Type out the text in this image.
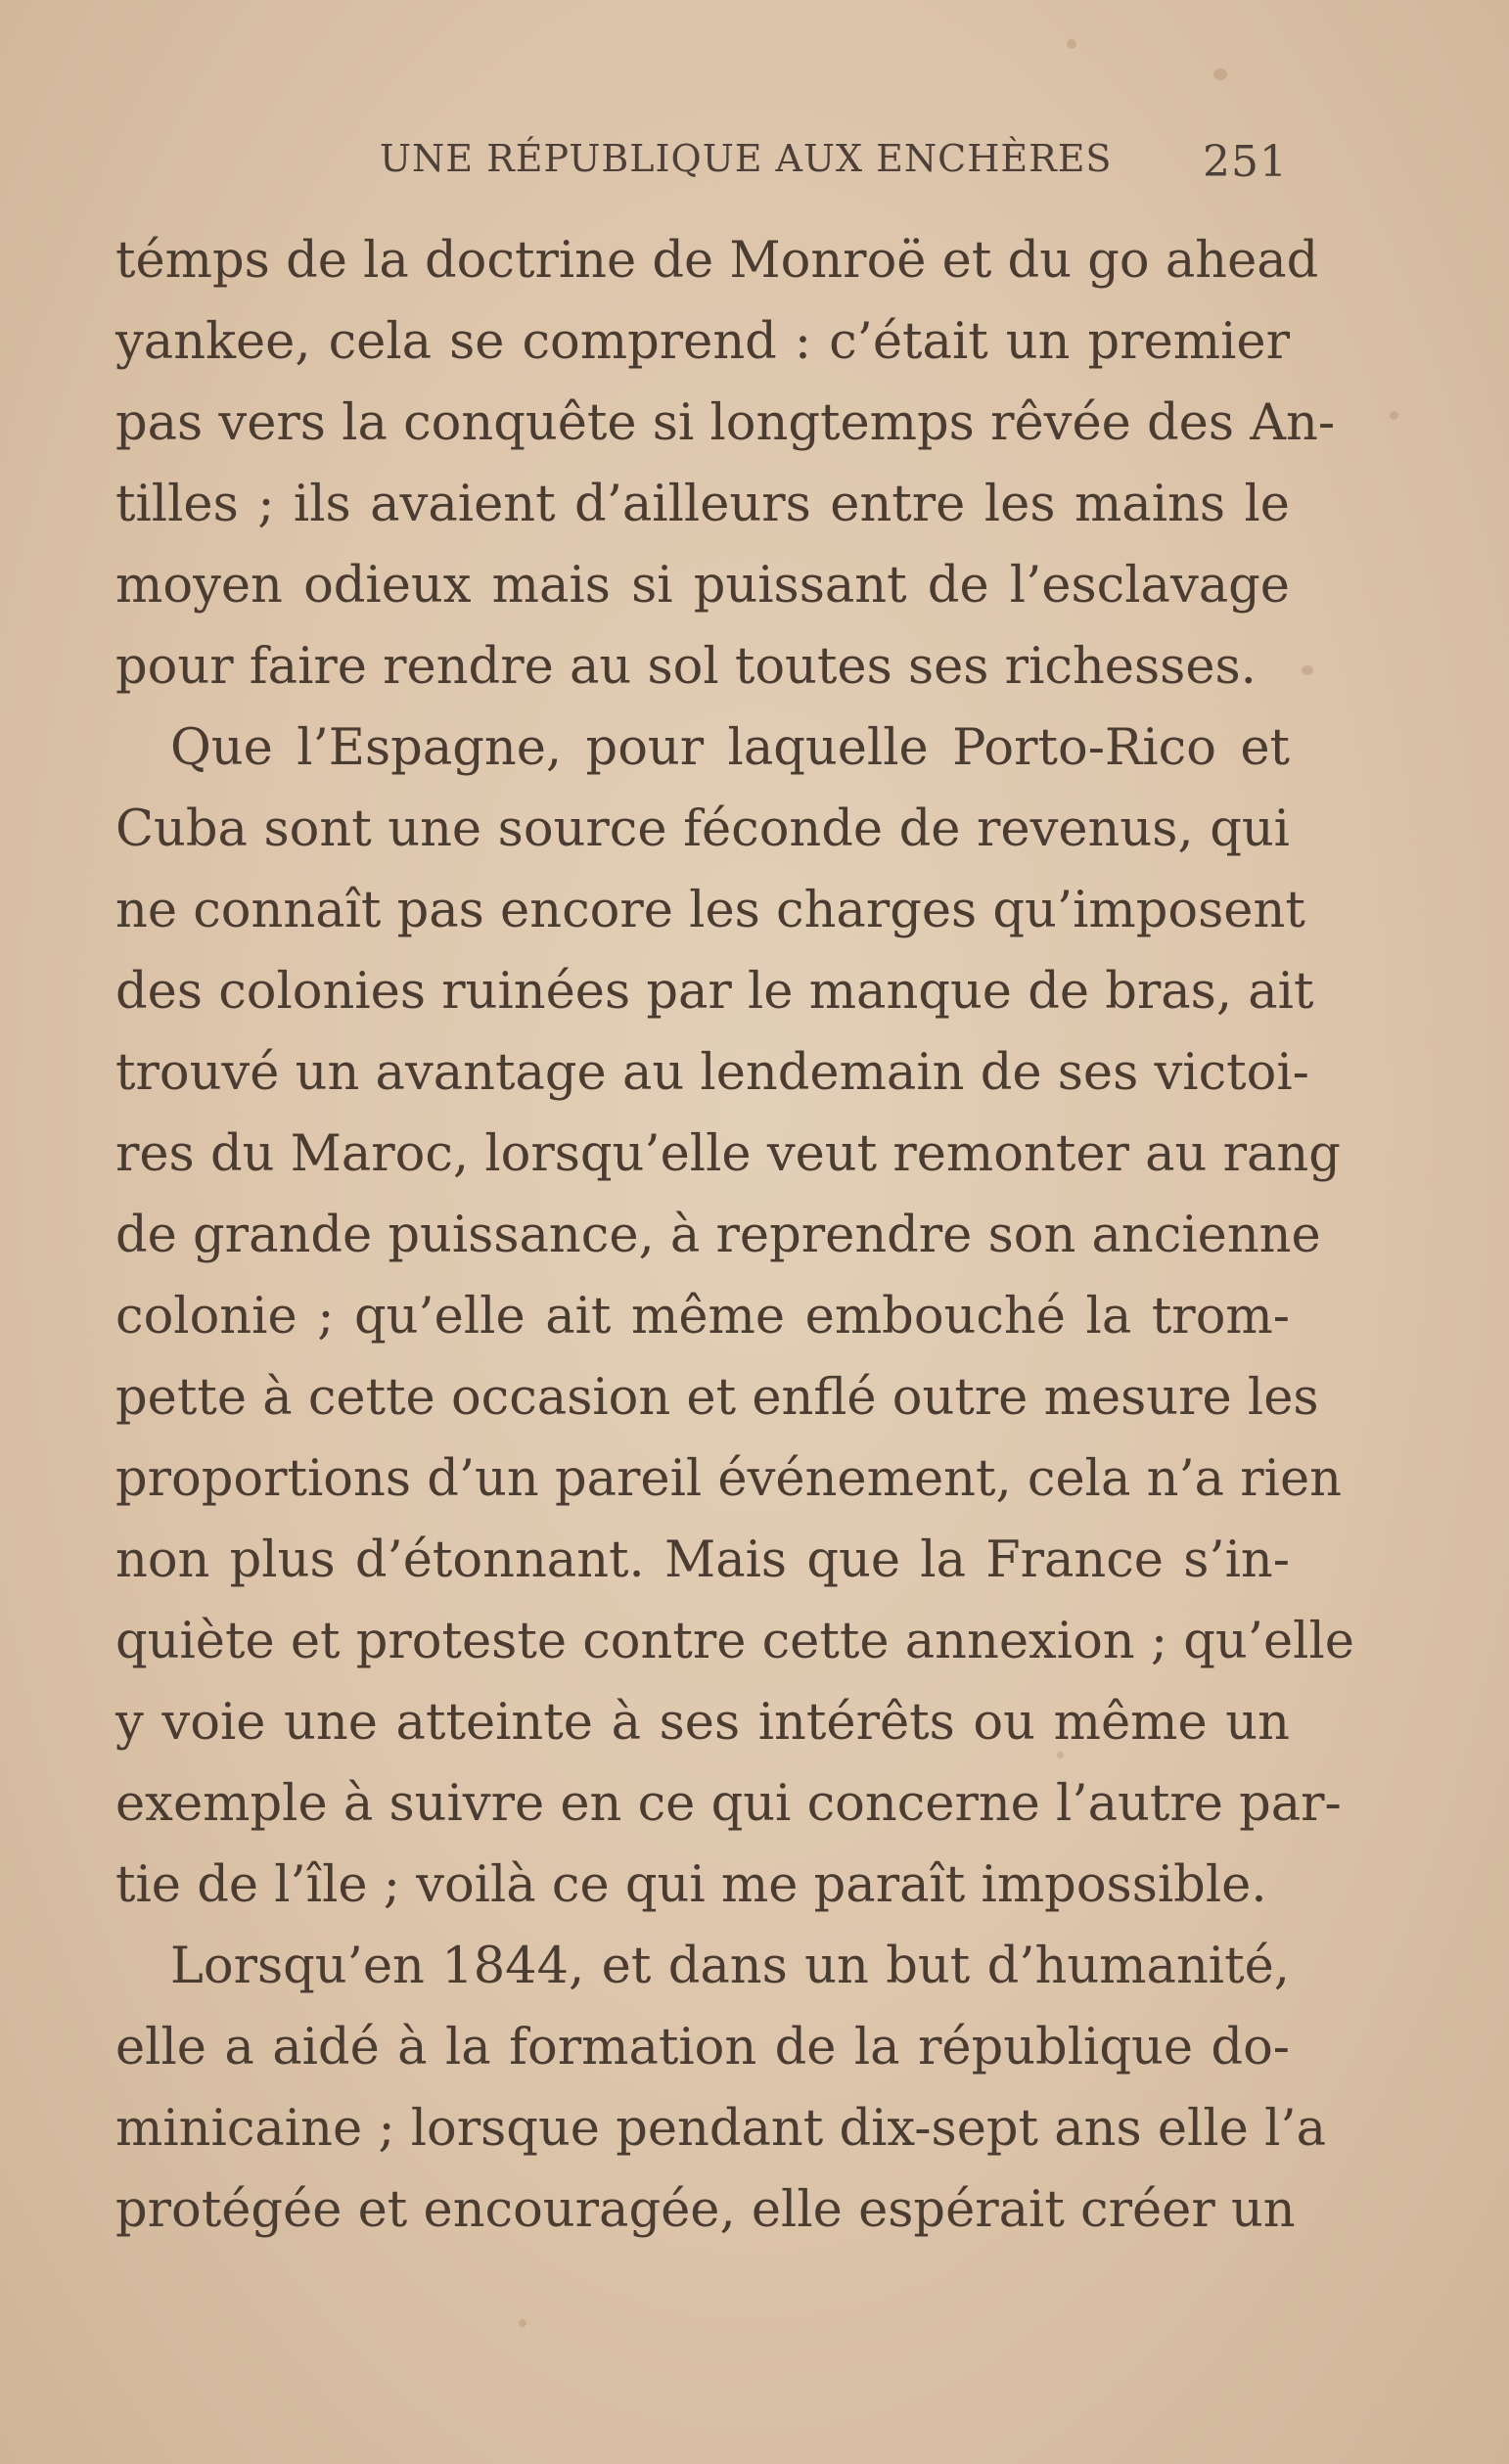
UNE RÉPUBLIQUE AUX ENCHÈRES 251
témps de la doctrine de Monroë et du go ahead
yankee, cela se comprend : c’était un premier
pas vers la conquête si longtemps rêvée des An-
tilles ; ils avaient d’ailleurs entre les mains le
moyen odieux mais si puissant de l’esclavage
pour faire rendre au sol toutes ses richesses.
Que l’Espagne, pour laquelle Porto-Rico et
Cuba sont une source féconde de revenus, qui
ne connaît pas encore les charges qu’imposent
des colonies ruinées par le manque de bras, ait
trouvé un avantage au lendemain de ses victoi-
res du Maroc, lorsqu’elle veut remonter au rang
de grande puissance, à reprendre son ancienne
colonie ; qu’elle ait même embouché la trom-
pette à cette occasion et enflé outre mesure les
proportions d’un pareil événement, cela n’a rien
non plus d’étonnant. Mais que la France s’in-
quiète et proteste contre cette annexion ; qu’elle
y voie une atteinte à ses intérêts ou même un
exemple à suivre en ce qui concerne l’autre par-
tie de l’île ; voilà ce qui me paraît impossible.
Lorsqu’en 1844, et dans un but d’humanité,
elle a aidé à la formation de la république do-
minicaine ; lorsque pendant dix-sept ans elle l’a
protégée et encouragée, elle espérait créer un
